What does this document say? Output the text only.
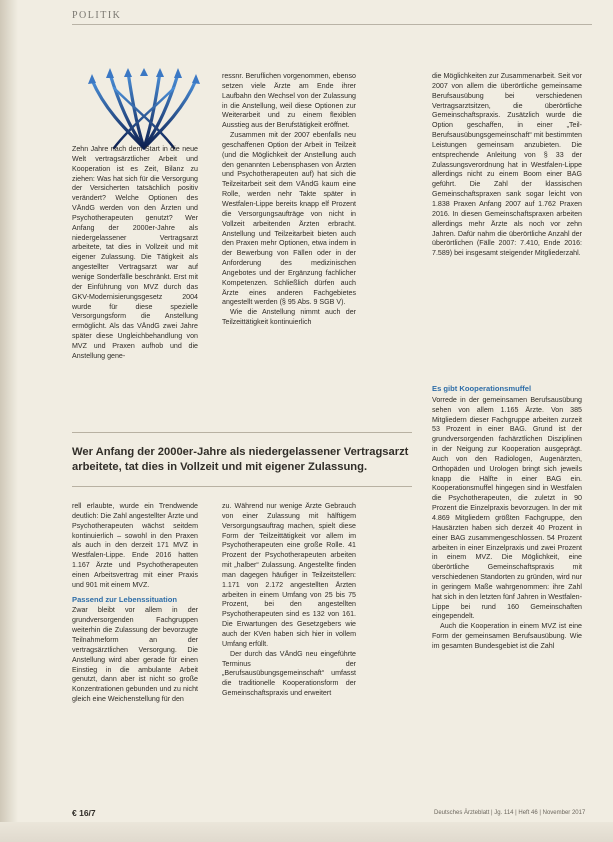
POLITIK

Zehn Jahre nach dem Start in die neue Welt vertragsärztlicher Arbeit und Kooperation ist es Zeit, Bilanz zu ziehen: Was hat sich für die Versorgung der Versicherten tatsächlich positiv verändert? Welche Optionen des VÄndG werden von den Ärzten und Psychotherapeuten genutzt? Wer Anfang der 2000er-Jahre als niedergelassener Vertragsarzt arbeitete, tat dies in Vollzeit und mit eigener Zulassung. Die Tätigkeit als angestellter Vertragsarzt war auf wenige Sonderfälle beschränkt. Erst mit der Einführung von MVZ durch das GKV-Modernisierungsgesetz 2004 wurde für diese spezielle Versorgungsform die Anstellung ermöglicht. Als das VÄndG zwei Jahre später diese Ungleichbehandlung von MVZ und Praxen aufhob und die Anstellung gene-

ressnr. Beruflichen vorgenommen, ebenso setzen viele Ärzte am Ende ihrer Laufbahn den Wechsel von der Zulassung in die Anstellung, weil diese Optionen zur Weiterarbeit und zu einem flexiblen Ausstieg aus der Berufstätigkeit eröffnet.

Zusammen mit der 2007 ebenfalls neu geschaffenen Option der Arbeit in Teilzeit (und die Möglichkeit der Anstellung auch den genannten Lebensphasen von Ärzten und Psychotherapeuten auf) hat sich die Teilzeitarbeit seit dem VÄndG kaum eine Rolle, werden nehr Takte später in Westfalen-Lippe bereits knapp elf Prozent die Versorgungsaufträge von nicht in Vollzeit arbeitenden Ärzten erbracht. Anstellung und Teilzeitarbeit bieten auch den Praxen mehr Optionen, etwa indem in der Bewerbung von Fällen oder in der Anforderung des medizinischen Angebotes und der Ergänzung fachlicher Kompetenzen. Schließlich dürfen auch Ärzte eines anderen Fachgebietes angestellt werden (§ 95 Abs. 9 SGB V).

Wie die Anstellung nimmt auch der Teilzeittätigkeit kontinuierlich

die Möglichkeiten zur Zusammenarbeit. Seit vor 2007 von allem die überörtliche gemeinsame Berufsausübung bei verschiedenen Vertragsarztsitzen, die überörtliche Gemeinschaftspraxis. Zusätzlich wurde die Option geschaffen, in einer „Teil-Berufsausübungsgemeinschaft“ mit bestimmten Leistungen gemeinsam anzubieten. Die entsprechende Anleitung von § 33 der Zulassungsverordnung hat in Westfalen-Lippe allerdings nicht zu einem Boom einer BAG geführt. Die Zahl der klassischen Gemeinschaftspraxen sank sogar leicht von 1.838 Praxen Anfang 2007 auf 1.762 Praxen 2016. In diesen Gemeinschaftspraxen arbeiten allerdings mehr Ärzte als noch vor zehn Jahren. Dafür nahm die überörtliche Anzahl der überörtlichen (Fälle 2007: 7.410, Ende 2016: 7.589) bei insgesamt steigender Mitgliederzahl.

Wer Anfang der 2000er-Jahre als niedergelassener Vertragsarzt arbeitete, tat dies in Vollzeit und mit eigener Zulassung.

rell erlaubte, wurde ein Trendwende deutlich: Die Zahl angestellter Ärzte und Psychotherapeuten wächst seitdem kontinuierlich – sowohl in den Praxen als auch in den derzeit 171 MVZ in Westfalen-Lippe. Ende 2016 hatten 1.167 Ärzte und Psychotherapeuten einen Arbeitsvertrag mit einer Praxis und 901 mit einem MVZ.

Passend zur Lebenssituation

Zwar bleibt vor allem in der grundversorgenden Fachgruppen weiterhin die Zulassung der bevorzugte Teilnahmeform an der vertragsärztlichen Versorgung. Die Anstellung wird aber gerade für einen Einstieg in die ambulante Arbeit genutzt, dann aber ist nicht so große Konzentrationen gebunden und zu nicht gleich eine Weichenstellung für den

zu. Während nur wenige Ärzte Gebrauch von einer Zulassung mit hälftigem Versorgungsauftrag machen, spielt diese Form der Teilzeittätigkeit vor allem im Psychotherapeuten eine große Rolle. 41 Prozent der Psychotherapeuten arbeiten mit „halber“ Zulassung. Angestellte finden man dagegen häufiger in Teilzeitstellen: 1.171 von 2.172 angestellten Ärzten arbeiten in einem Umfang von 25 bis 75 Prozent, bei den angestellten Psychotherapeuten sind es 132 von 161. Die Erwartungen des Gesetzgebers wie auch der KVen haben sich hier in vollem Umfang erfüllt.

Der durch das VÄndG neu eingeführte Terminus der „Berufsausübungsgemeinschaft“ umfasst die traditionelle Kooperationsform der Gemeinschaftspraxis und erweitert

Es gibt Kooperationsmuffel

Vorrede in der gemeinsamen Berufsausübung sehen von allem 1.165 Ärzte. Von 385 Mitgliedern dieser Fachgruppe arbeiten zurzeit 53 Prozent in einer BAG. Grund ist der grundversorgenden fachärztlichen Disziplinen in der Neigung zur Kooperation ausgeprägt. Auch von den Radiologen, Augenärzten, Orthopäden und Urologen bringt sich jeweils knapp die Hälfte in einer BAG ein. Kooperationsmuffel hingegen sind in Westfalen die Psychotherapeuten, die zuletzt in 90 Prozent die Einzelpraxis bevorzugen. In der mit 4.869 Mitgliedern größten Fachgruppe, den Hausärzten haben sich derzeit 40 Prozent in einer BAG zusammengeschlossen. 54 Prozent arbeiten in einer Einzelpraxis und zwei Prozent in einem MVZ. Die Möglichkeit, eine überörtliche Gemeinschaftspraxis mit verschiedenen Standorten zu gründen, wird nur in geringem Maße wahrgenommen: ihre Zahl hat sich in den letzten fünf Jahren in Westfalen-Lippe bei rund 160 Gemeinschaften eingependelt.

Auch die Kooperation in einem MVZ ist eine Form der gemeinsamen Berufsausübung. Wie im gesamten Bundesgebiet ist die Zahl

€ 16/7	Deutsches Ärzteblatt | Jg. 114 | Heft 46 | November 2017
